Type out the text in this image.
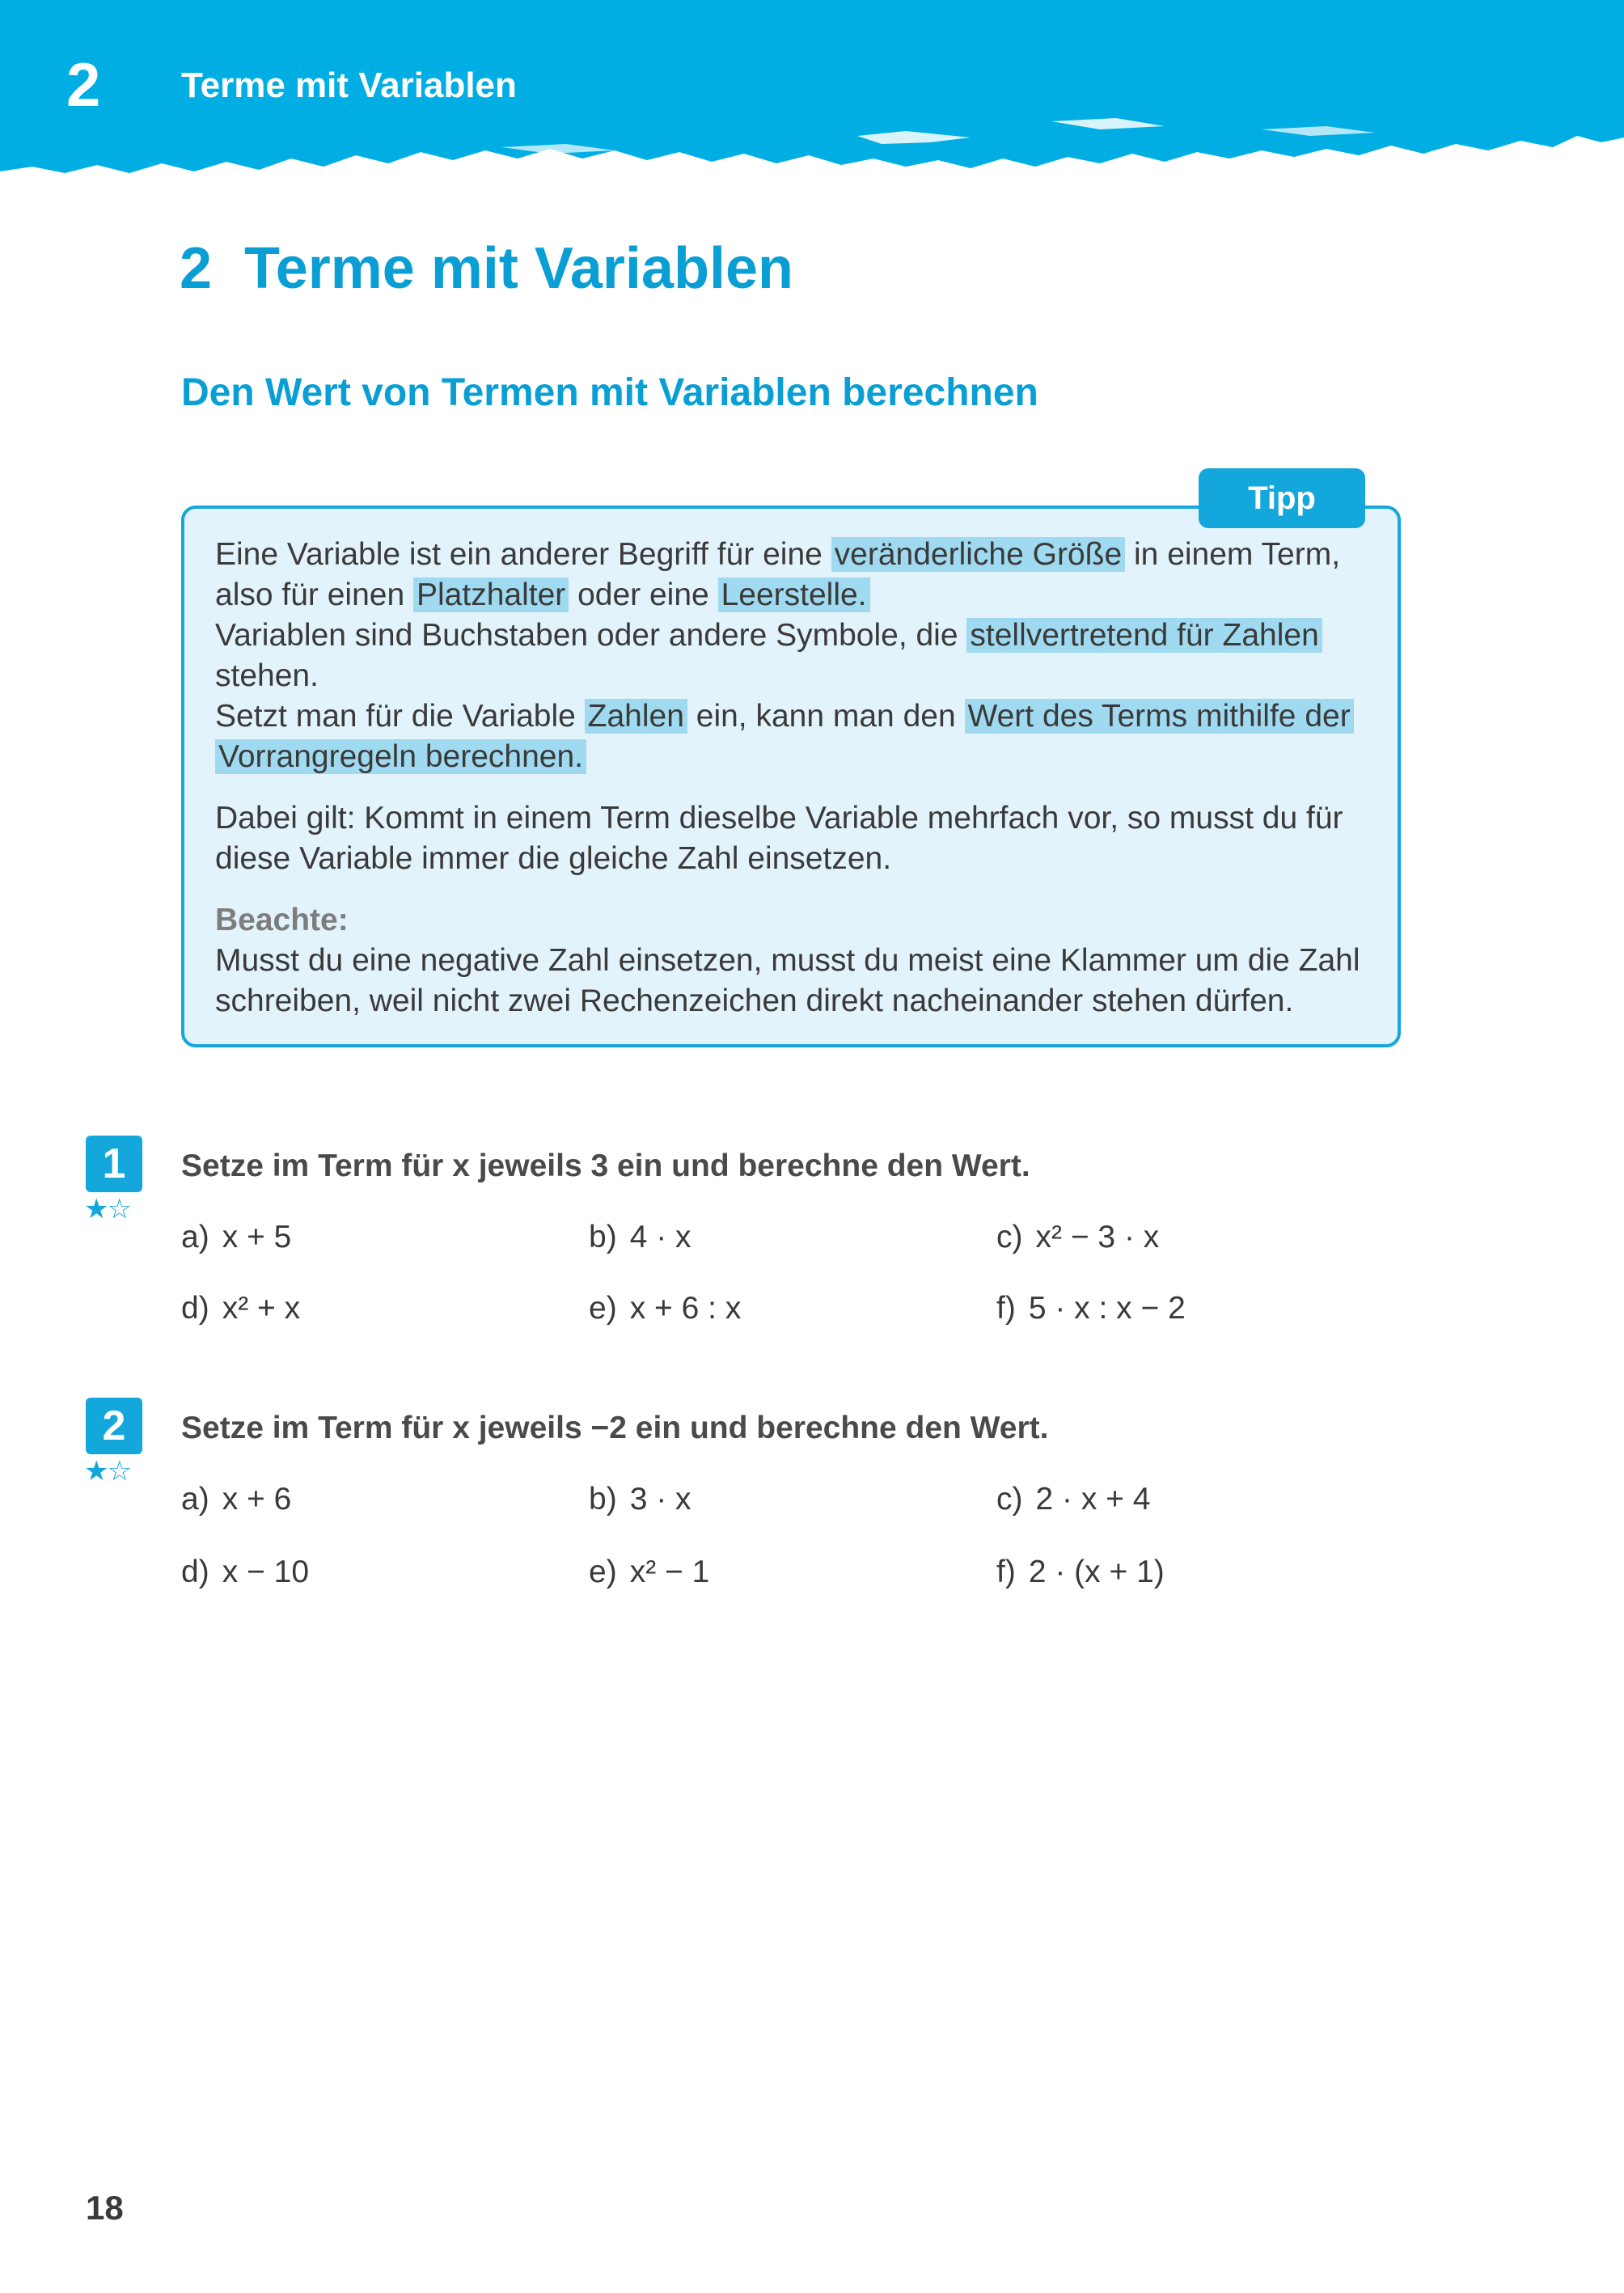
2 Terme mit Variablen
2  Terme mit Variablen
Den Wert von Termen mit Variablen berechnen

Eine Variable ist ein anderer Begriff für eine veränderliche Größe in einem Term,
also für einen Platzhalter oder eine Leerstelle.
Variablen sind Buchstaben oder andere Symbole, die stellvertretend für Zahlen
stehen.
Setzt man für die Variable Zahlen ein, kann man den Wert des Terms mithilfe der
Vorrangregeln berechnen.

Dabei gilt: Kommt in einem Term dieselbe Variable mehrfach vor, so musst du für diese Variable immer die gleiche Zahl einsetzen.

Beachte:

Musst du eine negative Zahl einsetzen, musst du meist eine Klammer um die Zahl schreiben, weil nicht zwei Rechenzeichen direkt nacheinander stehen dürfen.

Tipp
1
★☆

Setze im Term für x jeweils 3 ein und berechne den Wert.

a) x + 5	b) 4 · x	c) x² − 3 · x
d) x² + x	e) x + 6 : x	f) 5 · x : x − 2
2
★☆

Setze im Term für x jeweils −2 ein und berechne den Wert.

a) x + 6	b) 3 · x	c) 2 · x + 4
d) x − 10	e) x² − 1	f) 2 · (x + 1)
18
